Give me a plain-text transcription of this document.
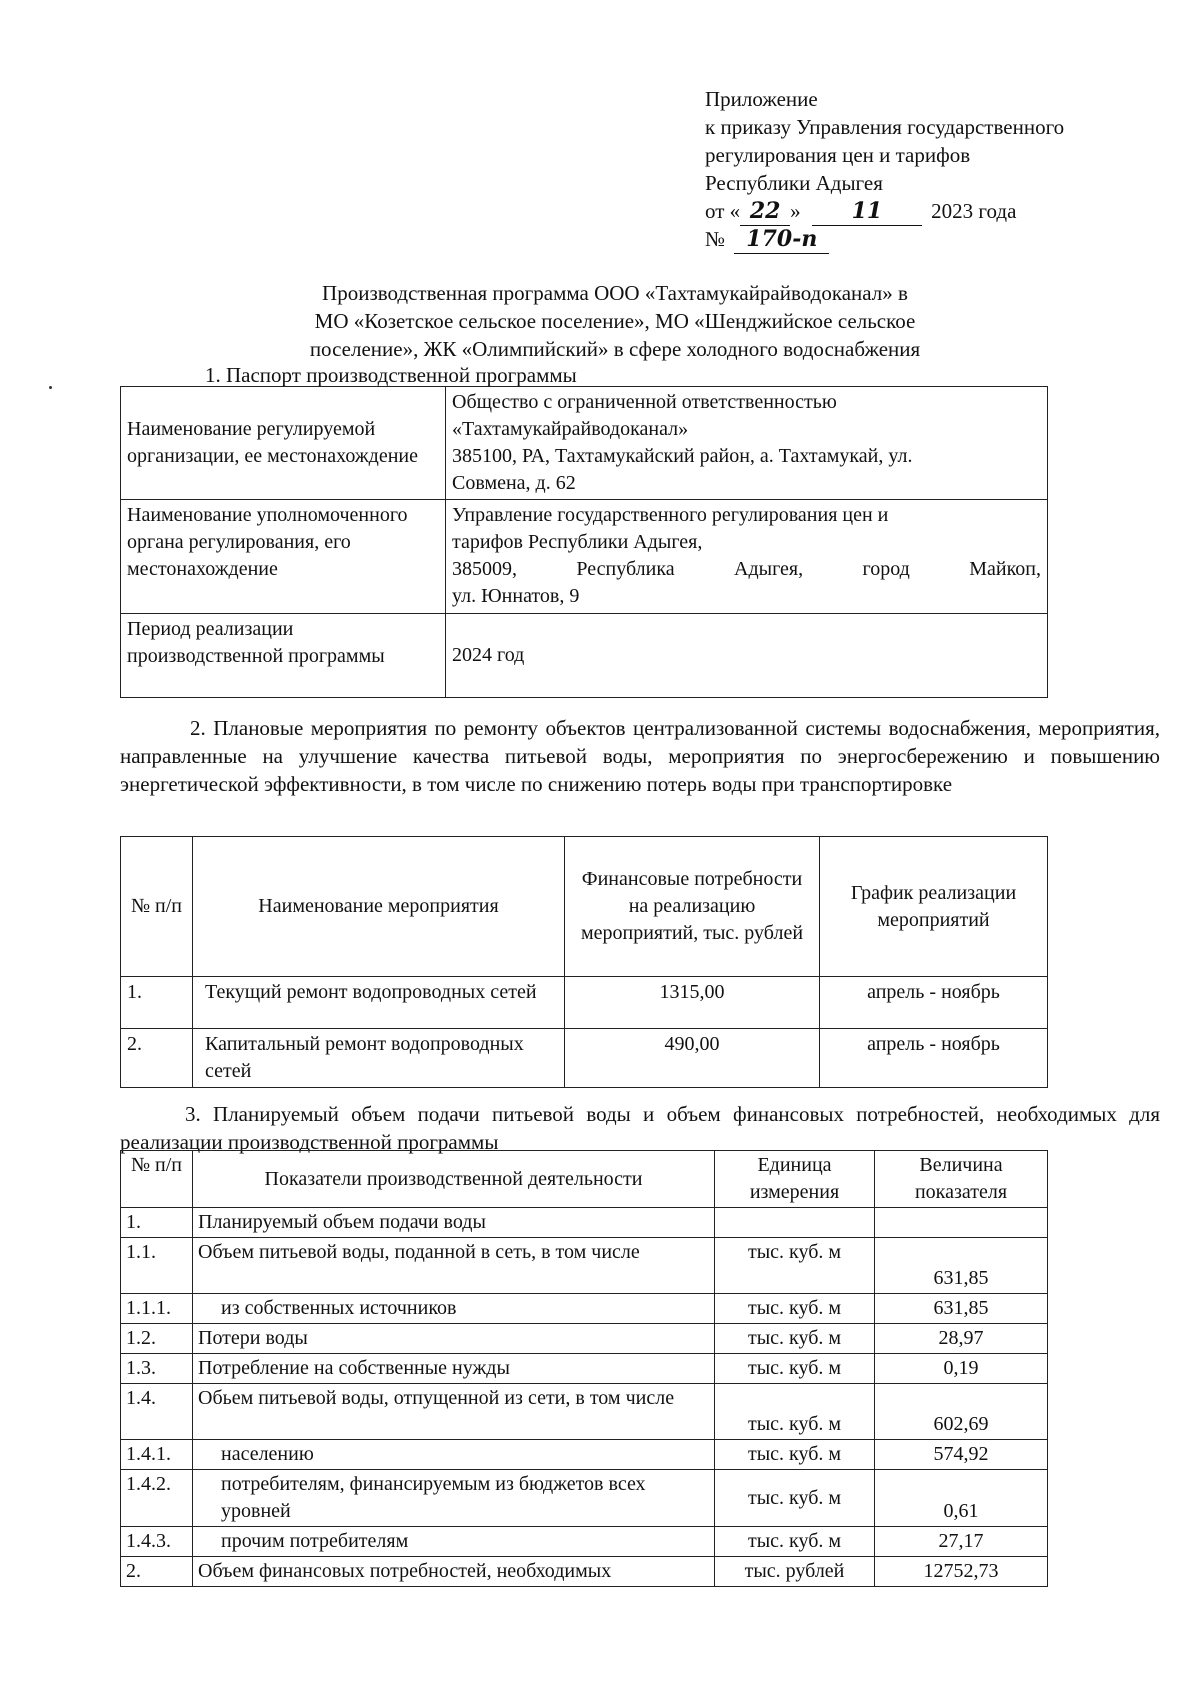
Приложение
к приказу Управления государственного
регулирования цен и тарифов
Республики Адыгея
от « 22 » 11 2023 года
№ 170-п
Производственная программа ООО «Тахтамукайрайводоканал» в
МО «Козетское сельское поселение», МО «Шенджийское сельское
поселение», ЖК «Олимпийский» в сфере холодного водоснабжения
1. Паспорт производственной программы
Наименование регулируемой организации, ее местонахождение	Общество с ограниченной ответственностью
«Тахтамукайрайводоканал»
385100, РА, Тахтамукайский район, а. Тахтамукай, ул.
Совмена, д. 62

Наименование уполномоченного органа регулирования, его местонахождение	Управление государственного регулирования цен и
тарифов Республики Адыгея,
385009, Республика Адыгея, город Майкоп,
ул. Юннатов, 9

Период реализации производственной программы	2024 год
2. Плановые мероприятия по ремонту объектов централизованной системы водоснабжения, мероприятия, направленные на улучшение качества питьевой воды, мероприятия по энергосбережению и повышению энергетической эффективности, в том числе по снижению потерь воды при транспортировке
№ п/п	Наименование мероприятия	Финансовые потребности на реализацию мероприятий, тыс. рублей	График реализации мероприятий
1.	Текущий ремонт водопроводных сетей	1315,00	апрель - ноябрь
2.	Капитальный ремонт водопроводных сетей	490,00	апрель - ноябрь
3. Планируемый объем подачи питьевой воды и объем финансовых потребностей, необходимых для реализации производственной программы
№ п/п	Показатели производственной деятельности	Единица измерения	Величина показателя
1.	Планируемый объем подачи воды		
1.1.	Объем питьевой воды, поданной в сеть, в том числе	тыс. куб. м	631,85
1.1.1.	из собственных источников	тыс. куб. м	631,85
1.2.	Потери воды	тыс. куб. м	28,97
1.3.	Потребление на собственные нужды	тыс. куб. м	0,19
1.4.	Обьем питьевой воды, отпущенной из сети, в том числе	тыс. куб. м	602,69
1.4.1.	населению	тыс. куб. м	574,92
1.4.2.	потребителям, финансируемым из бюджетов всех уровней	тыс. куб. м	0,61
1.4.3.	прочим потребителям	тыс. куб. м	27,17
2.	Объем финансовых потребностей, необходимых	тыс. рублей	12752,73
